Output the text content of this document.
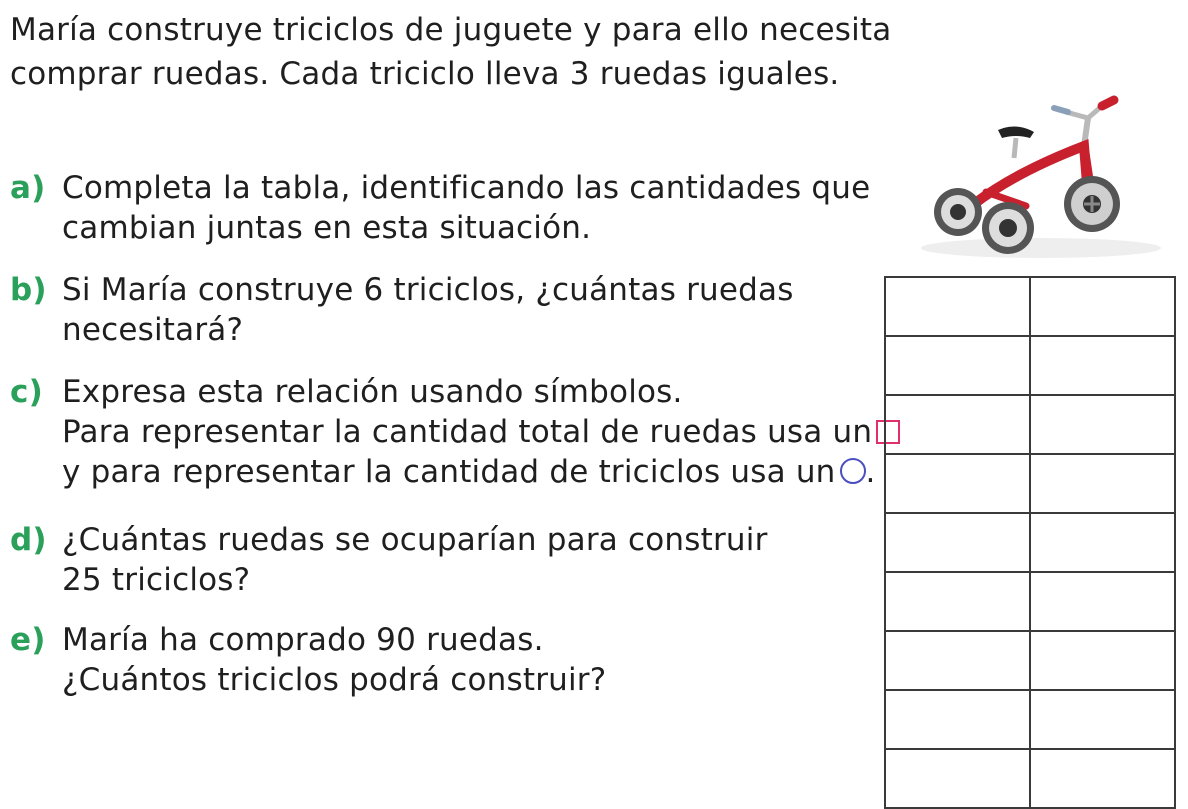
María construye triciclos de juguete y para ello necesita
comprar ruedas. Cada triciclo lleva 3 ruedas iguales.
a) Completa la tabla, identificando las cantidades que
cambian juntas en esta situación.
b) Si María construye 6 triciclos, ¿cuántas ruedas
necesitará?
c) Expresa esta relación usando símbolos.
Para representar la cantidad total de ruedas usa un
y para representar la cantidad de triciclos usa un .
d) ¿Cuántas ruedas se ocuparían para construir
25 triciclos?
e) María ha comprado 90 ruedas.
¿Cuántos triciclos podrá construir?
